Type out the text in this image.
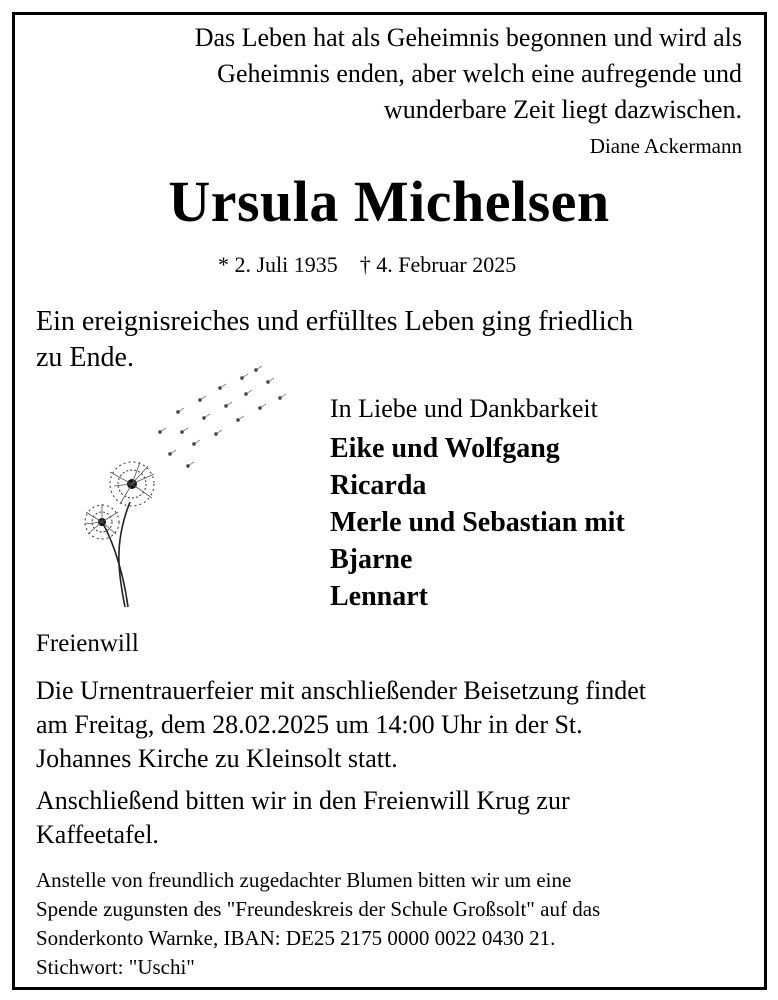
Das Leben hat als Geheimnis begonnen und wird als
Geheimnis enden, aber welch eine aufregende und
wunderbare Zeit liegt dazwischen.
Diane Ackermann
Ursula Michelsen
* 2. Juli 1935 † 4. Februar 2025
Ein ereignisreiches und erfülltes Leben ging friedlich
zu Ende.
In Liebe und Dankbarkeit
Eike und Wolfgang
Ricarda
Merle und Sebastian mit
Bjarne
Lennart
Freienwill
Die Urnentrauerfeier mit anschließender Beisetzung findet
am Freitag, dem 28.02.2025 um 14:00 Uhr in der St.
Johannes Kirche zu Kleinsolt statt.
Anschließend bitten wir in den Freienwill Krug zur
Kaffeetafel.
Anstelle von freundlich zugedachter Blumen bitten wir um eine
Spende zugunsten des "Freundeskreis der Schule Großsolt" auf das
Sonderkonto Warnke, IBAN: DE25 2175 0000 0022 0430 21.
Stichwort: "Uschi"
